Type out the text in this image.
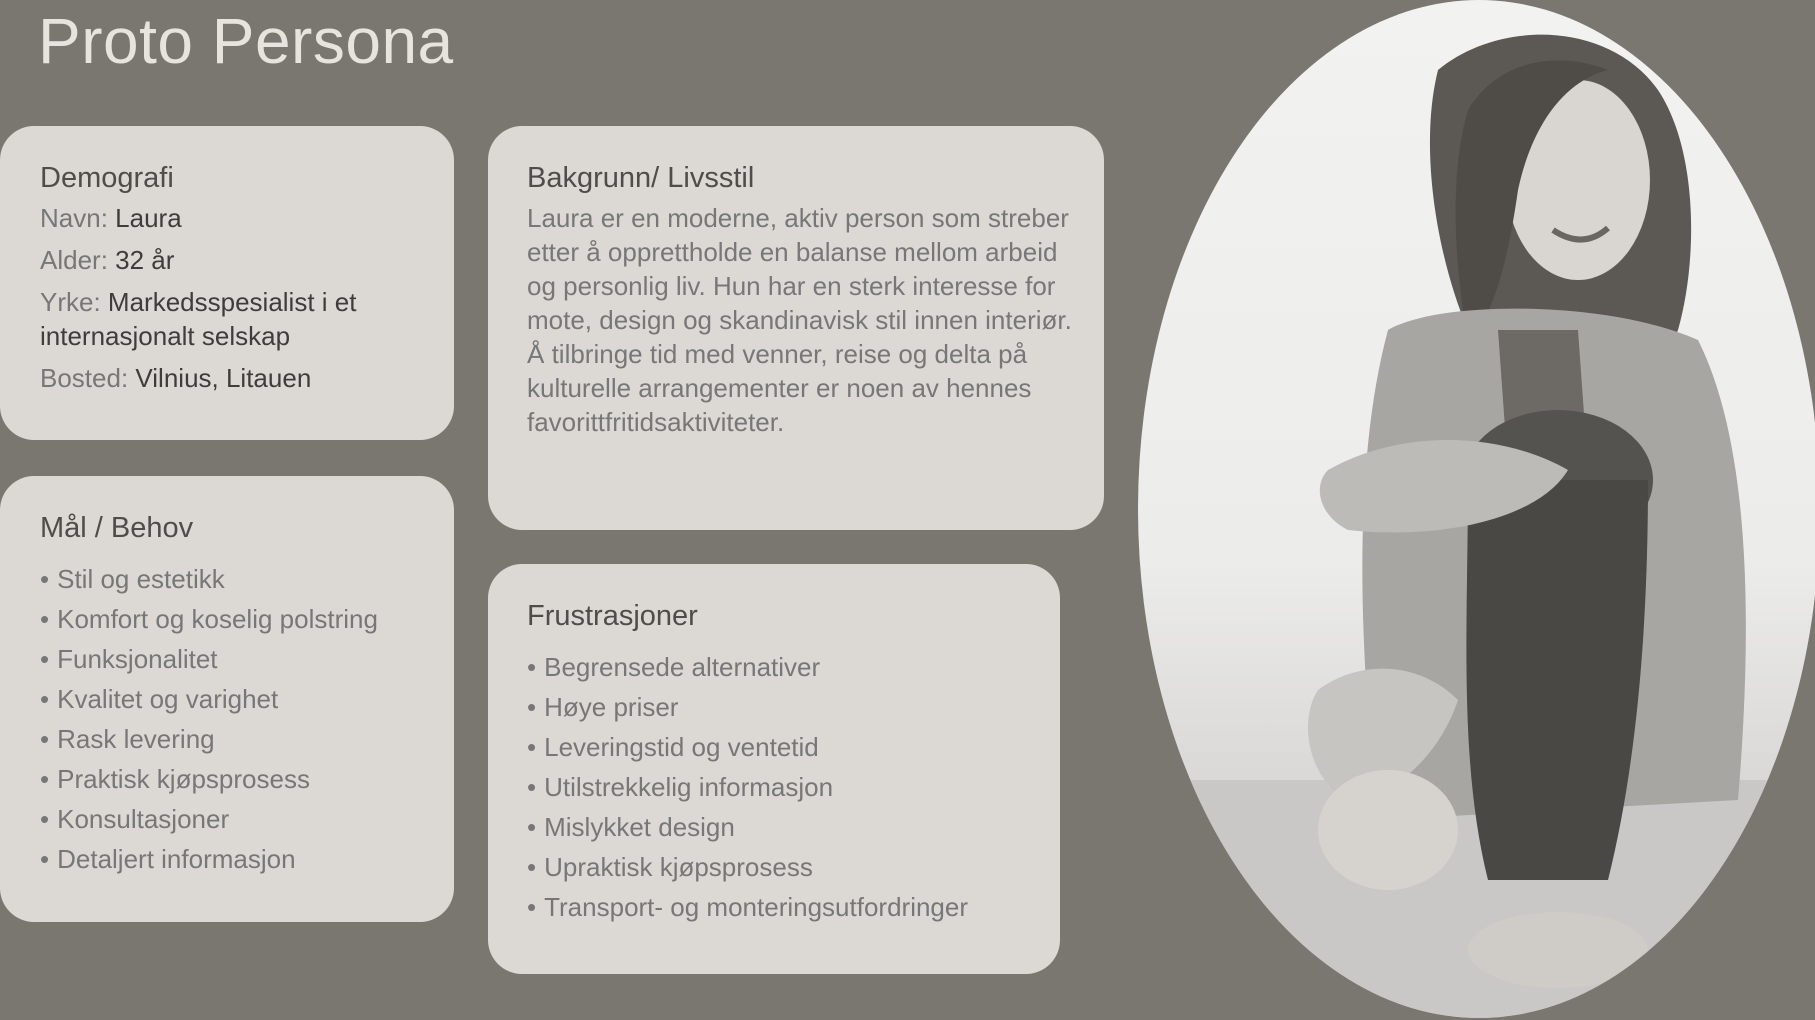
Proto Persona
Demografi

Navn: Laura

Alder: 32 år

Yrke: Markedsspesialist i et internasjonalt selskap

Bosted: Vilnius, Litauen

Mål / Behov
• Stil og estetikk
• Komfort og koselig polstring
• Funksjonalitet
• Kvalitet og varighet
• Rask levering
• Praktisk kjøpsprosess
• Konsultasjoner
• Detaljert informasjon
Bakgrunn/ Livsstil

Laura er en moderne, aktiv person som streber etter å opprettholde en balanse mellom arbeid og personlig liv. Hun har en sterk interesse for mote, design og skandinavisk stil innen interiør. Å tilbringe tid med venner, reise og delta på kulturelle arrangementer er noen av hennes favorittfritidsaktiviteter.

Frustrasjoner
• Begrensede alternativer
• Høye priser
• Leveringstid og ventetid
• Utilstrekkelig informasjon
• Mislykket design
• Upraktisk kjøpsprosess
• Transport- og monteringsutfordringer
